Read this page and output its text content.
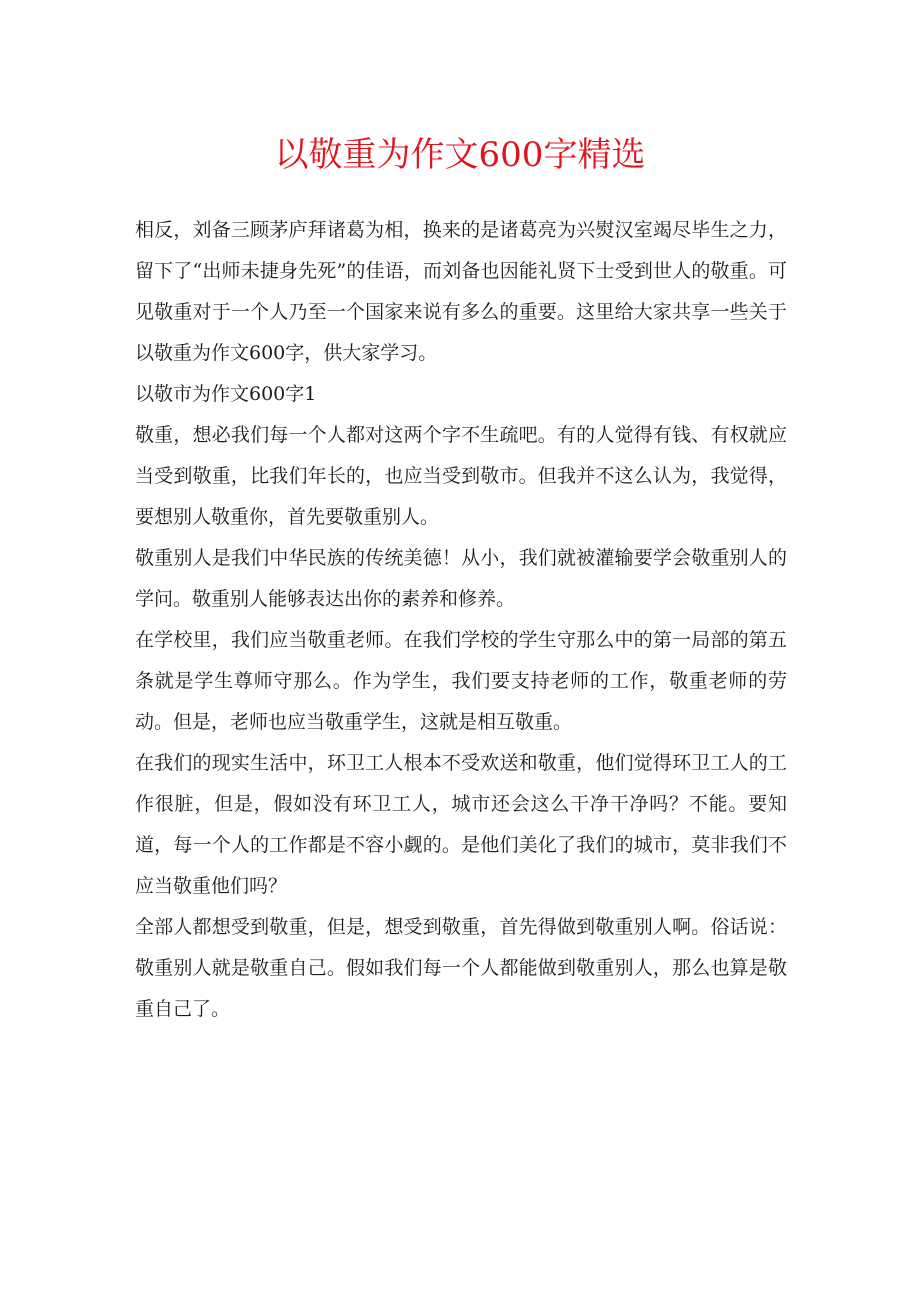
以敬重为作文600字精选

相反，刘备三顾茅庐拜诸葛为相，换来的是诸葛亮为兴熨汉室竭尽毕生之力，留下了“出师未捷身先死”的佳语，而刘备也因能礼贤下士受到世人的敬重。可见敬重对于一个人乃至一个国家来说有多么的重要。这里给大家共享一些关于以敬重为作文600字，供大家学习。

以敬市为作文600字1

敬重，想必我们每一个人都对这两个字不生疏吧。有的人觉得有钱、有权就应当受到敬重，比我们年长的，也应当受到敬市。但我并不这么认为，我觉得，要想别人敬重你，首先要敬重别人。

敬重别人是我们中华民族的传统美德！从小，我们就被灌输要学会敬重别人的学问。敬重别人能够表达出你的素养和修养。

在学校里，我们应当敬重老师。在我们学校的学生守那么中的第一局部的第五条就是学生尊师守那么。作为学生，我们要支持老师的工作，敬重老师的劳动。但是，老师也应当敬重学生，这就是相互敬重。

在我们的现实生活中，环卫工人根本不受欢送和敬重，他们觉得环卫工人的工作很脏，但是，假如没有环卫工人，城市还会这么干净干净吗？不能。要知道，每一个人的工作都是不容小觑的。是他们美化了我们的城市，莫非我们不应当敬重他们吗？

全部人都想受到敬重，但是，想受到敬重，首先得做到敬重别人啊。俗话说：敬重别人就是敬重自己。假如我们每一个人都能做到敬重别人，那么也算是敬重自己了。
